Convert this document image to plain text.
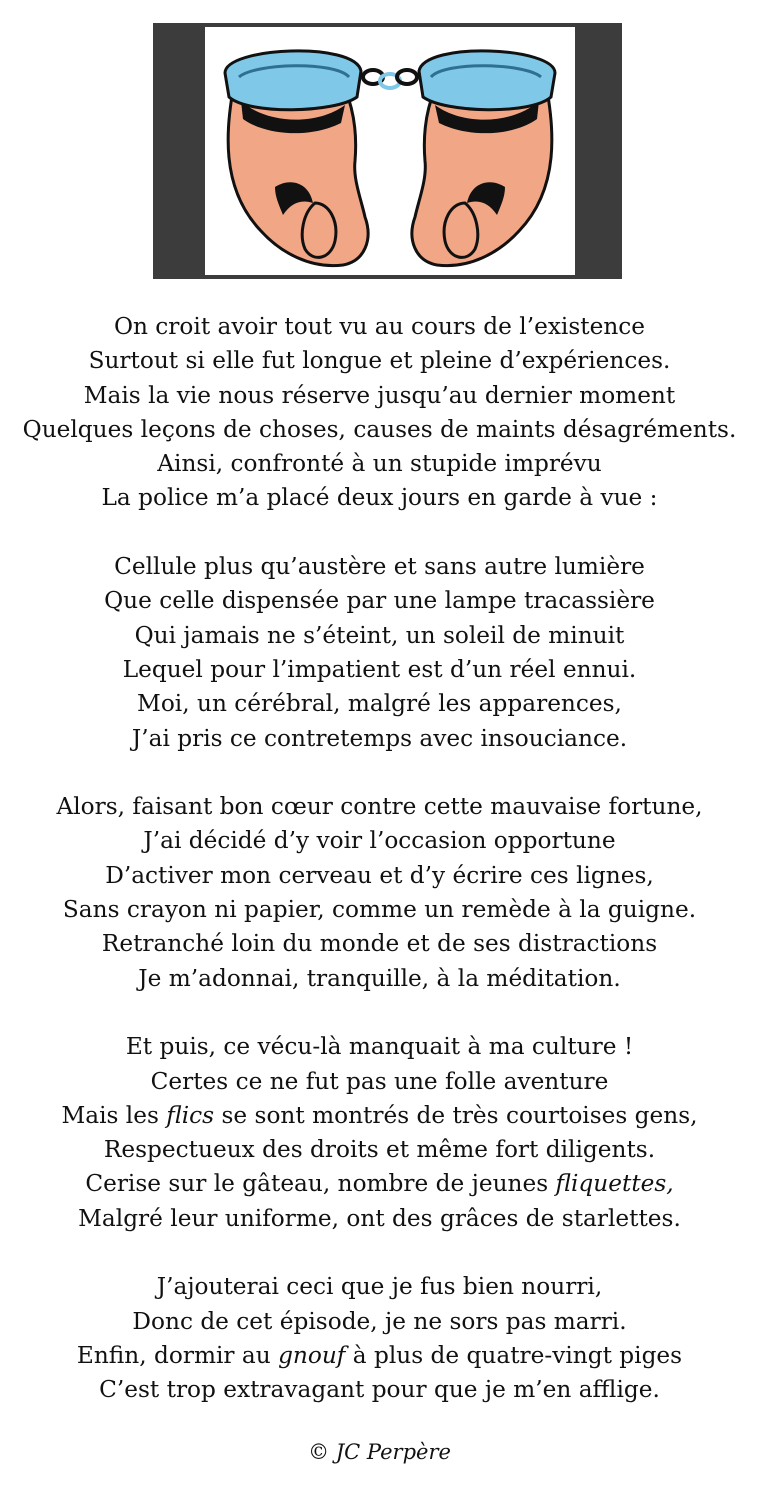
On croit avoir tout vu au cours de l’existence
Surtout si elle fut longue et pleine d’expériences.
Mais la vie nous réserve jusqu’au dernier moment
Quelques leçons de choses, causes de maints désagréments.
Ainsi, confronté à un stupide imprévu
La police m’a placé deux jours en garde à vue :
Cellule plus qu’austère et sans autre lumière
Que celle dispensée par une lampe tracassière
Qui jamais ne s’éteint, un soleil de minuit
Lequel pour l’impatient est d’un réel ennui.
Moi, un cérébral, malgré les apparences,
J’ai pris ce contretemps avec insouciance.
Alors, faisant bon cœur contre cette mauvaise fortune,
J’ai décidé d’y voir l’occasion opportune
D’activer mon cerveau et d’y écrire ces lignes,
Sans crayon ni papier, comme un remède à la guigne.
Retranché loin du monde et de ses distractions
Je m’adonnai, tranquille, à la méditation.
Et puis, ce vécu-là manquait à ma culture !
Certes ce ne fut pas une folle aventure
Mais les flics se sont montrés de très courtoises gens,
Respectueux des droits et même fort diligents.
Cerise sur le gâteau, nombre de jeunes fliquettes,
Malgré leur uniforme, ont des grâces de starlettes.
J’ajouterai ceci que je fus bien nourri,
Donc de cet épisode, je ne sors pas marri.
Enfin, dormir au gnouf à plus de quatre-vingt piges
C’est trop extravagant pour que je m’en afflige.
© JC Perpère
